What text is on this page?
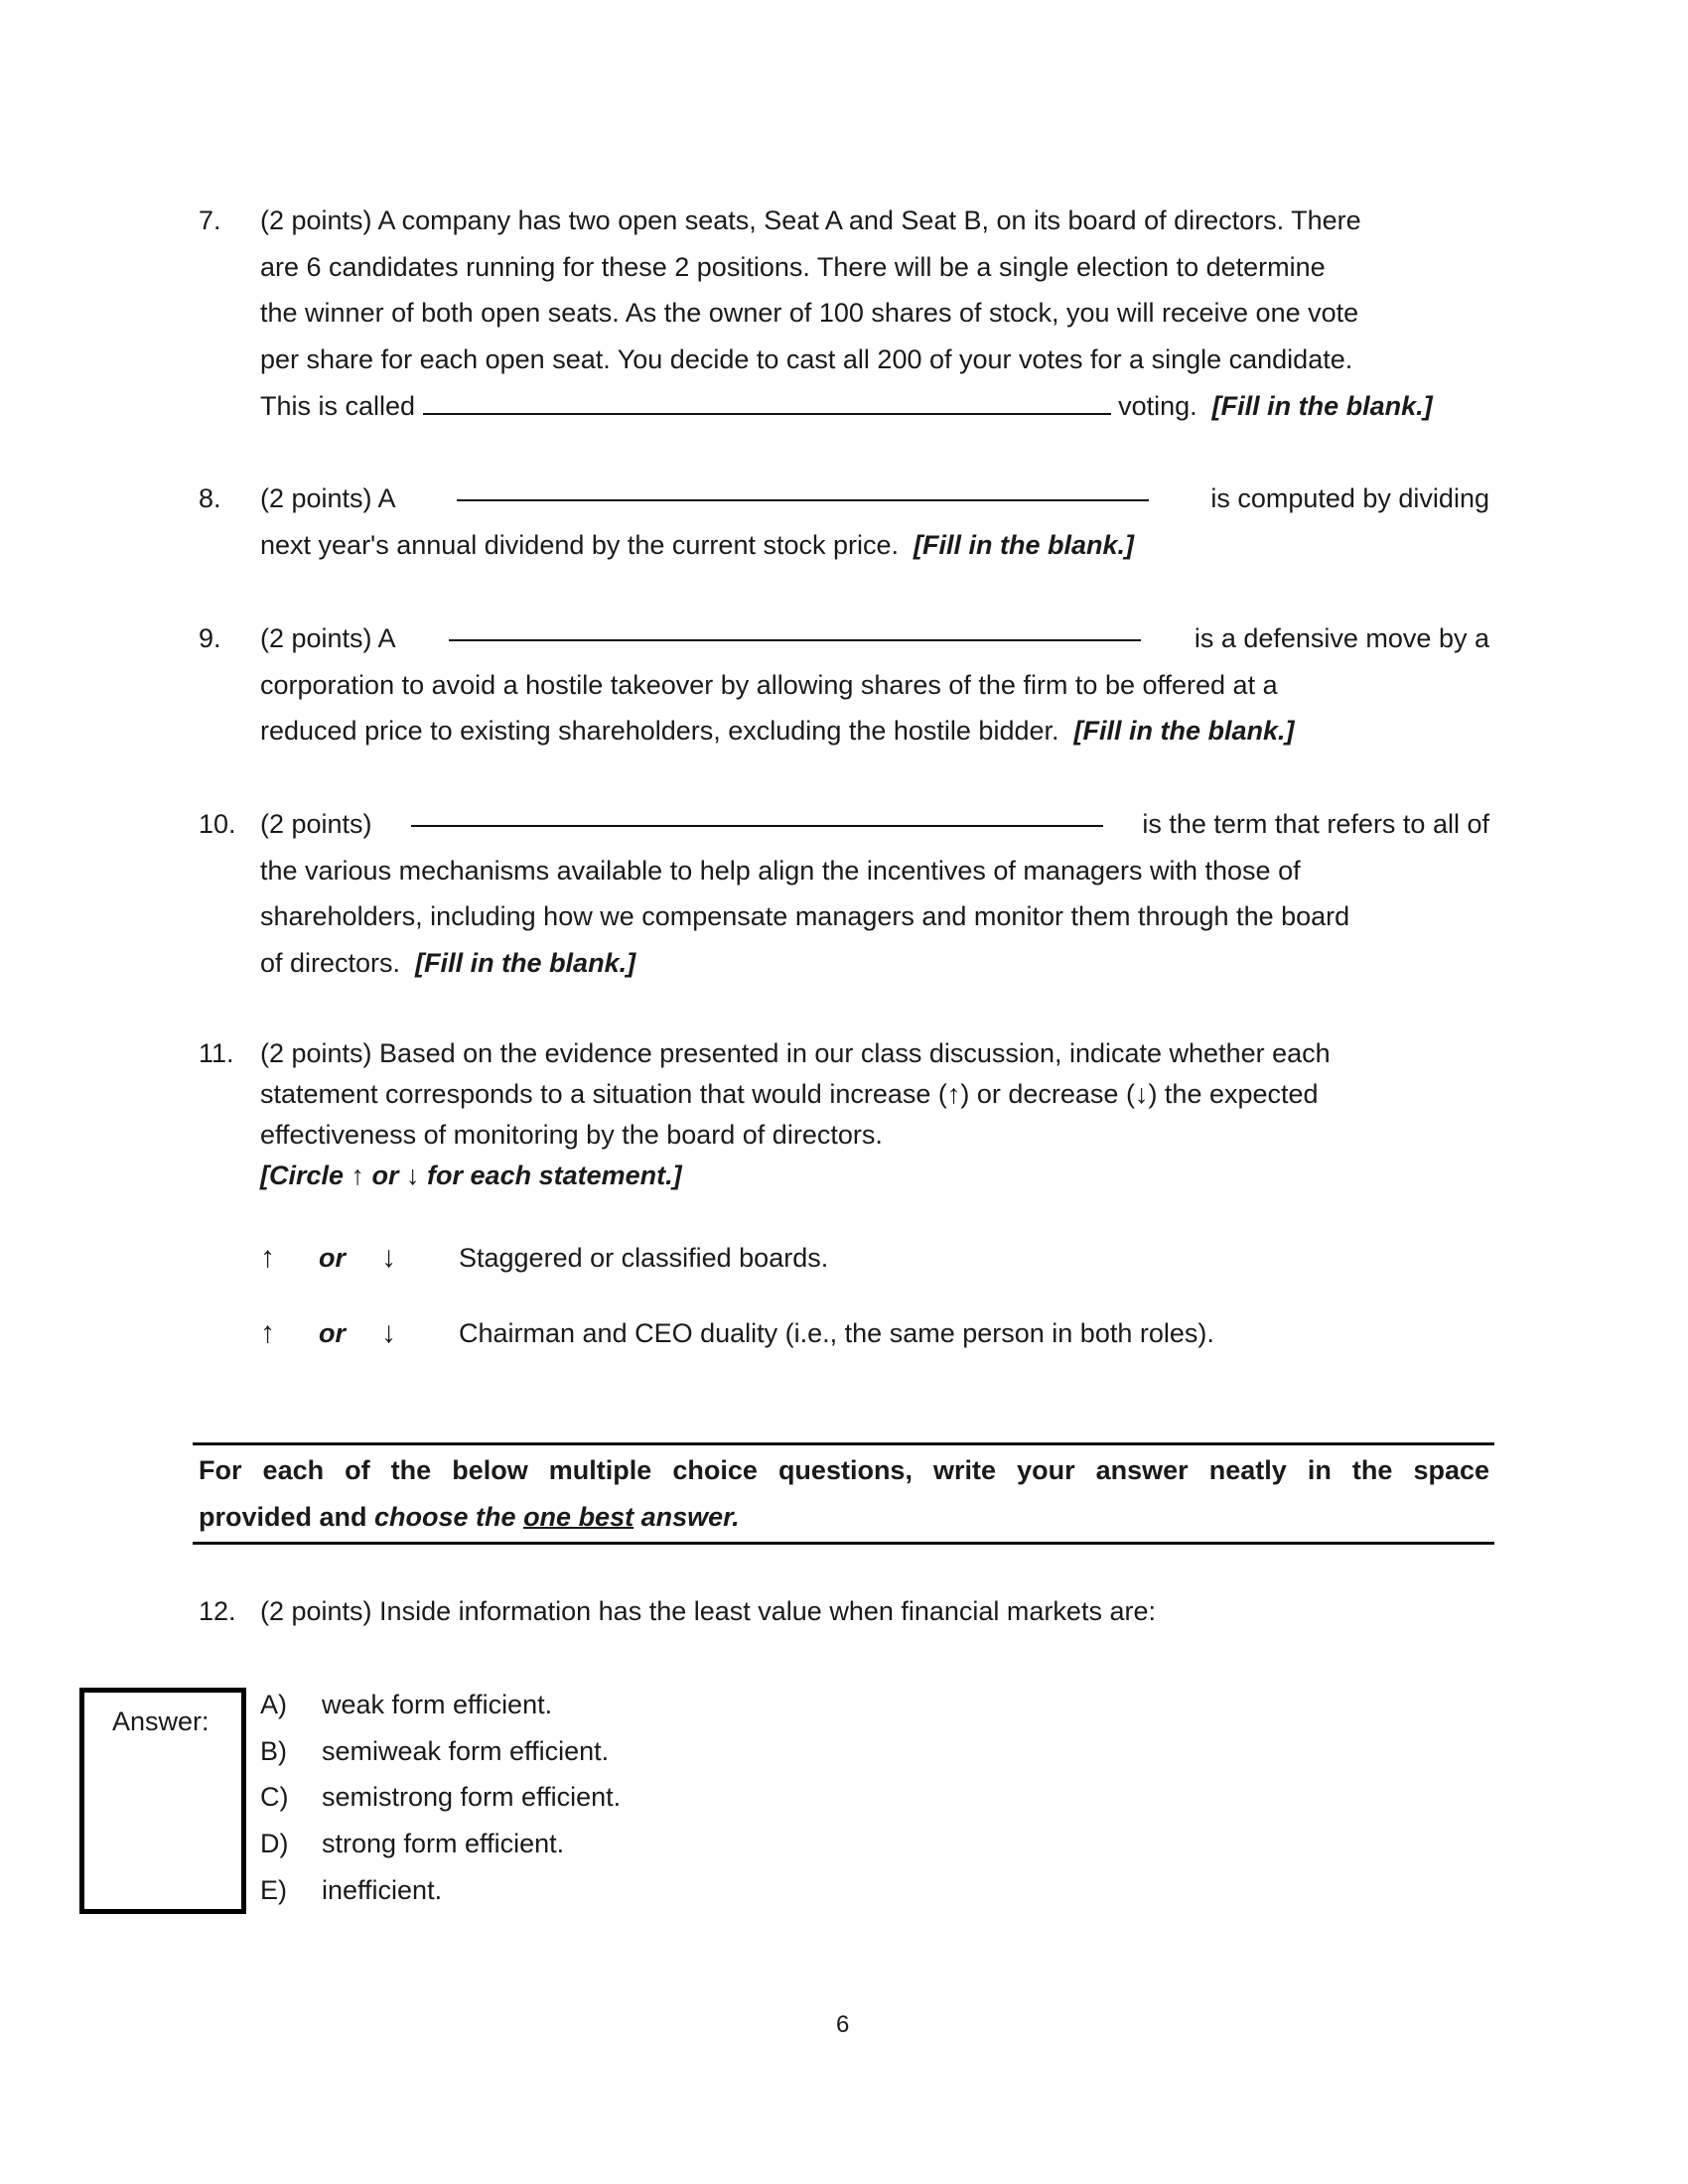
7. (2 points) A company has two open seats, Seat A and Seat B, on its board of directors. There
are 6 candidates running for these 2 positions. There will be a single election to determine
the winner of both open seats. As the owner of 100 shares of stock, you will receive one vote
per share for each open seat. You decide to cast all 200 of your votes for a single candidate.
This is called	voting. [Fill in the blank.]
8. (2 points) A	is computed by dividing
next year's annual dividend by the current stock price. [Fill in the blank.]
9. (2 points) A	is a defensive move by a
corporation to avoid a hostile takeover by allowing shares of the firm to be offered at a
reduced price to existing shareholders, excluding the hostile bidder. [Fill in the blank.]
10. (2 points)	is the term that refers to all of
the various mechanisms available to help align the incentives of managers with those of
shareholders, including how we compensate managers and monitor them through the board
of directors. [Fill in the blank.]
11. (2 points) Based on the evidence presented in our class discussion, indicate whether each
statement corresponds to a situation that would increase (↑) or decrease (↓) the expected
effectiveness of monitoring by the board of directors.
[Circle ↑ or ↓ for each statement.]
↑ or ↓ Staggered or classified boards.
↑ or ↓ Chairman and CEO duality (i.e., the same person in both roles).
For each of the below multiple choice questions, write your answer neatly in the space
provided and choose the one best answer.
12. (2 points) Inside information has the least value when financial markets are:
Answer:
A) weak form efficient.
B) semiweak form efficient.
C) semistrong form efficient.
D) strong form efficient.
E) inefficient.
6
